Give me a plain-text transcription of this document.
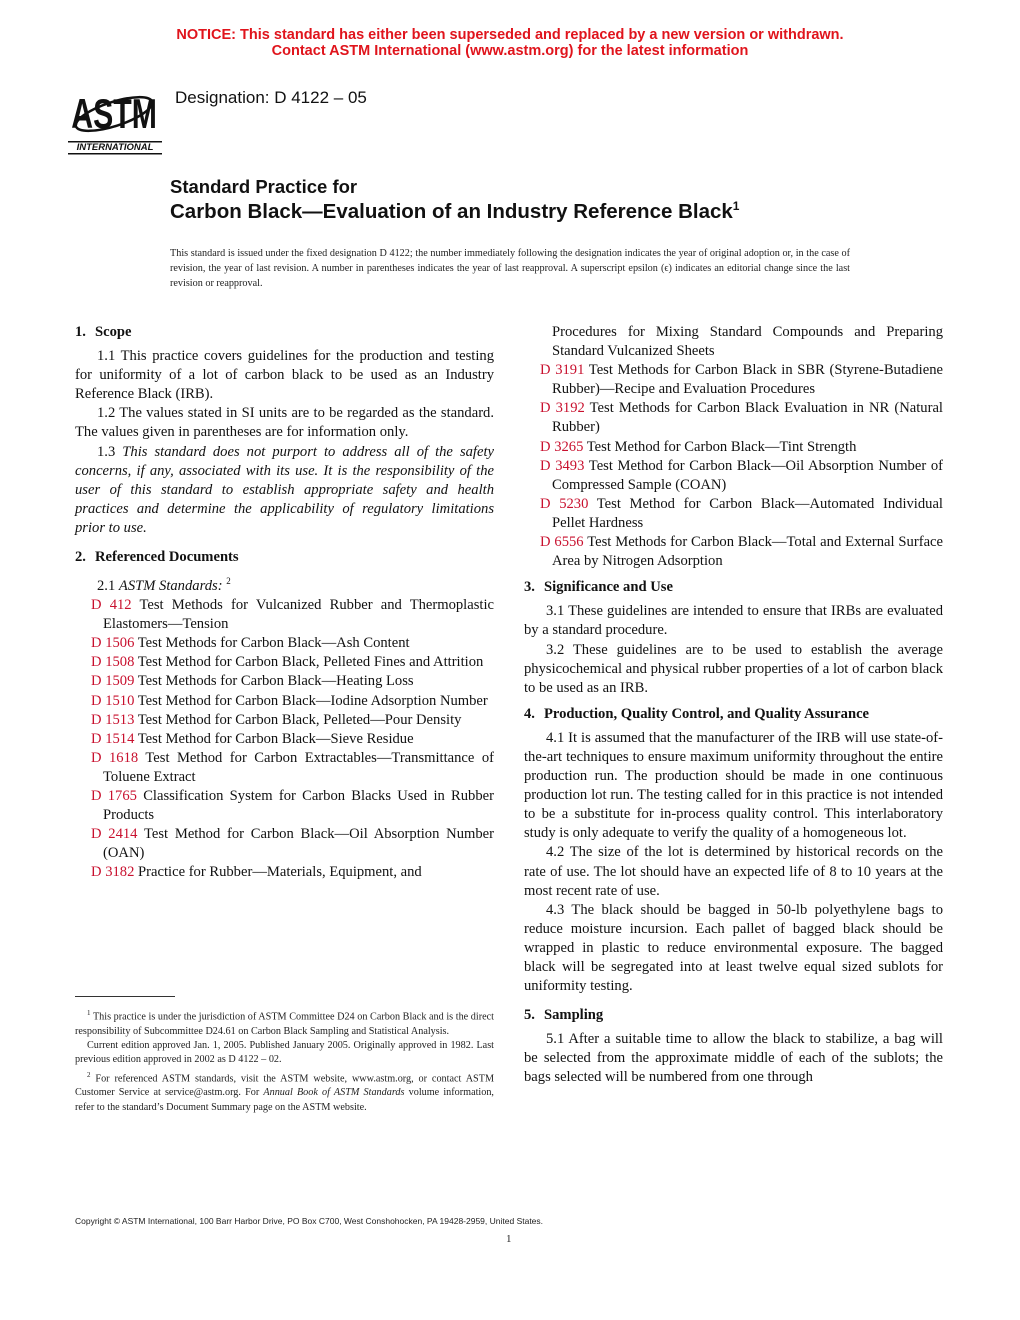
NOTICE: This standard has either been superseded and replaced by a new version or withdrawn.
Contact ASTM International (www.astm.org) for the latest information
ASTM
INTERNATIONAL
Designation: D 4122 – 05
Standard Practice for
Carbon Black—Evaluation of an Industry Reference Black$^1$
This standard is issued under the fixed designation D 4122; the number immediately following the designation indicates the year of original adoption or, in the case of revision, the year of last revision. A number in parentheses indicates the year of last reapproval. A superscript epsilon (ϵ) indicates an editorial change since the last revision or reapproval.
1. Scope

1.1 This practice covers guidelines for the production and testing for uniformity of a lot of carbon black to be used as an Industry Reference Black (IRB).

1.2 The values stated in SI units are to be regarded as the standard. The values given in parentheses are for information only.

1.3 This standard does not purport to address all of the safety concerns, if any, associated with its use. It is the responsibility of the user of this standard to establish appropriate safety and health practices and determine the applicability of regulatory limitations prior to use.

2. Referenced Documents

2.1 ASTM Standards: $^2$

D 412 Test Methods for Vulcanized Rubber and Thermoplastic Elastomers—Tension

D 1506 Test Methods for Carbon Black—Ash Content

D 1508 Test Method for Carbon Black, Pelleted Fines and Attrition

D 1509 Test Methods for Carbon Black—Heating Loss

D 1510 Test Method for Carbon Black—Iodine Adsorption Number

D 1513 Test Method for Carbon Black, Pelleted—Pour Density

D 1514 Test Method for Carbon Black—Sieve Residue

D 1618 Test Method for Carbon Extractables—Transmittance of Toluene Extract

D 1765 Classification System for Carbon Blacks Used in Rubber Products

D 2414 Test Method for Carbon Black—Oil Absorption Number (OAN)

D 3182 Practice for Rubber—Materials, Equipment, and

Procedures for Mixing Standard Compounds and Preparing Standard Vulcanized Sheets

D 3191 Test Methods for Carbon Black in SBR (Styrene-Butadiene Rubber)—Recipe and Evaluation Procedures

D 3192 Test Methods for Carbon Black Evaluation in NR (Natural Rubber)

D 3265 Test Method for Carbon Black—Tint Strength

D 3493 Test Method for Carbon Black—Oil Absorption Number of Compressed Sample (COAN)

D 5230 Test Method for Carbon Black—Automated Individual Pellet Hardness

D 6556 Test Methods for Carbon Black—Total and External Surface Area by Nitrogen Adsorption

3. Significance and Use

3.1 These guidelines are intended to ensure that IRBs are evaluated by a standard procedure.

3.2 These guidelines are to be used to establish the average physicochemical and physical rubber properties of a lot of carbon black to be used as an IRB.

4. Production, Quality Control, and Quality Assurance

4.1 It is assumed that the manufacturer of the IRB will use state-of-the-art techniques to ensure maximum uniformity throughout the entire production run. The production should be made in one continuous production lot run. The testing called for in this practice is not intended to be a substitute for in-process quality control. This interlaboratory study is only adequate to verify the quality of a homogeneous lot.

4.2 The size of the lot is determined by historical records on the rate of use. The lot should have an expected life of 8 to 10 years at the most recent rate of use.

4.3 The black should be bagged in 50-lb polyethylene bags to reduce moisture incursion. Each pallet of bagged black should be wrapped in plastic to reduce environmental exposure. The bagged black will be segregated into at least twelve equal sized sublots for uniformity testing.

5. Sampling

5.1 After a suitable time to allow the black to stabilize, a bag will be selected from the approximate middle of each of the sublots; the bags selected will be numbered from one through

$^1$ This practice is under the jurisdiction of ASTM Committee D24 on Carbon Black and is the direct responsibility of Subcommittee D24.61 on Carbon Black Sampling and Statistical Analysis.

Current edition approved Jan. 1, 2005. Published January 2005. Originally approved in 1982. Last previous edition approved in 2002 as D 4122 – 02.

$^2$ For referenced ASTM standards, visit the ASTM website, www.astm.org, or contact ASTM Customer Service at service@astm.org. For Annual Book of ASTM Standards volume information, refer to the standard’s Document Summary page on the ASTM website.

Copyright © ASTM International, 100 Barr Harbor Drive, PO Box C700, West Conshohocken, PA 19428-2959, United States.
1
